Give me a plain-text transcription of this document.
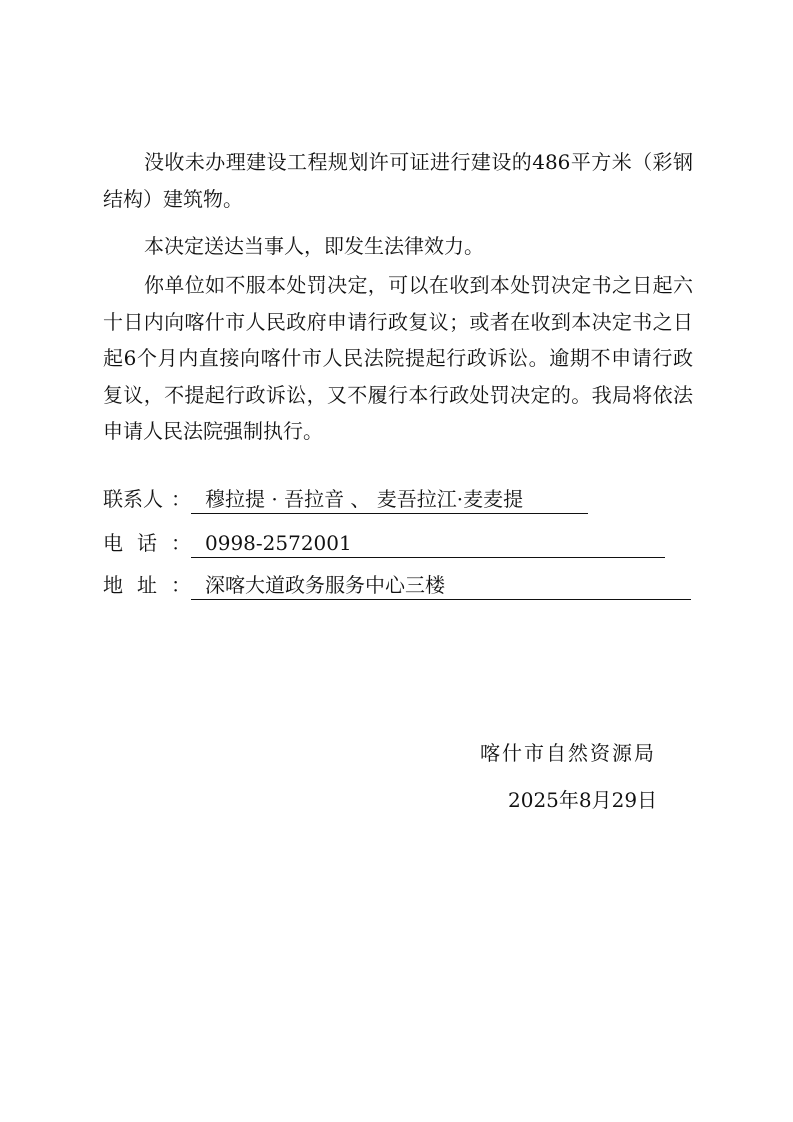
没收未办理建设工程规划许可证进行建设的486平方米（彩钢结构）建筑物。

本决定送达当事人，即发生法律效力。

你单位如不服本处罚决定，可以在收到本处罚决定书之日起六十日内向喀什市人民政府申请行政复议；或者在收到本决定书之日起6个月内直接向喀什市人民法院提起行政诉讼。逾期不申请行政复议，不提起行政诉讼，又不履行本行政处罚决定的。我局将依法申请人民法院强制执行。

联系人 ： 穆拉提 · 吾拉音 、 麦吾拉江·麦麦提
电话 ： 0998-2572001
地址 ： 深喀大道政务服务中心三楼
喀什市自然资源局
2025年8月29日
